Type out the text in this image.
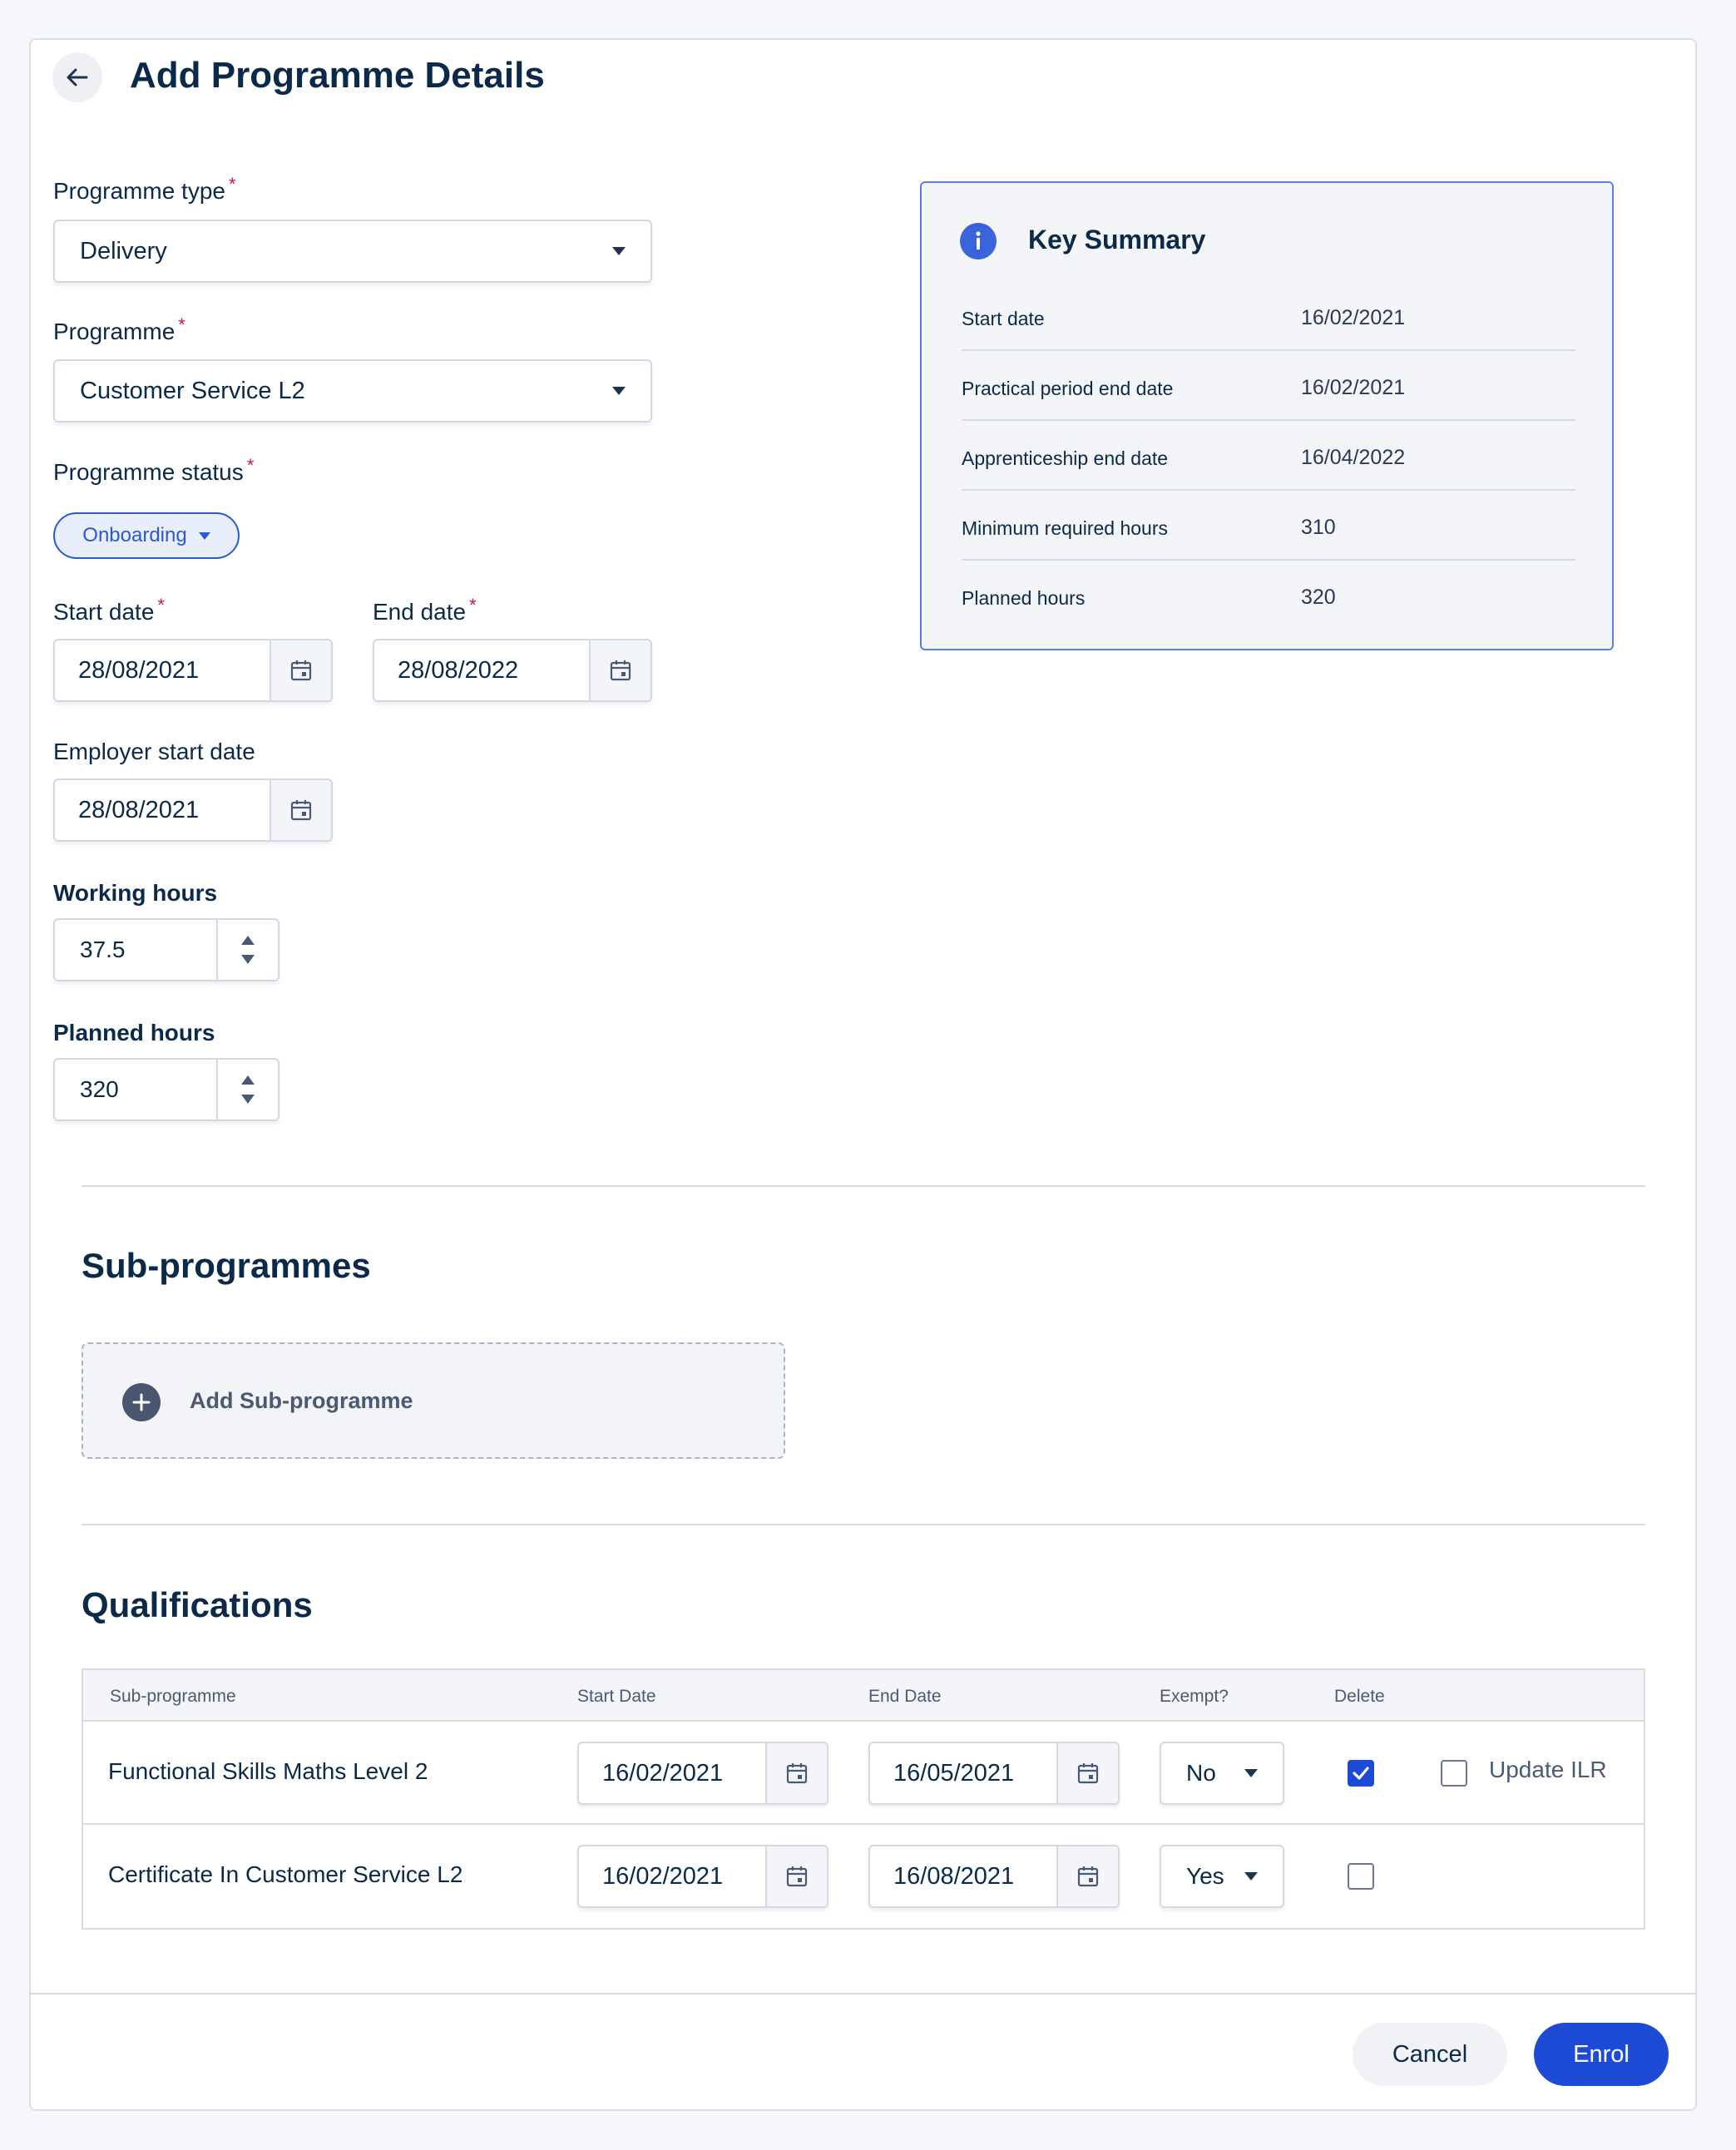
Add Programme Details
Programme type *
Delivery
Programme *
Customer Service L2
Programme status *
Onboarding
Start date *
28/08/2021
End date *
28/08/2022
Employer start date
28/08/2021
Working hours
37.5
Planned hours
320
Key Summary
Start date	16/02/2021
Practical period end date	16/02/2021
Apprenticeship end date	16/04/2022
Minimum required hours	310
Planned hours	320
Sub-programmes
Add Sub-programme
Qualifications
Sub-programme	Start Date	End Date	Exempt?	Delete
Functional Skills Maths Level 2	16/02/2021	16/05/2021	No	Update ILR
Certificate In Customer Service L2	16/02/2021	16/08/2021	Yes
Cancel	Enrol
